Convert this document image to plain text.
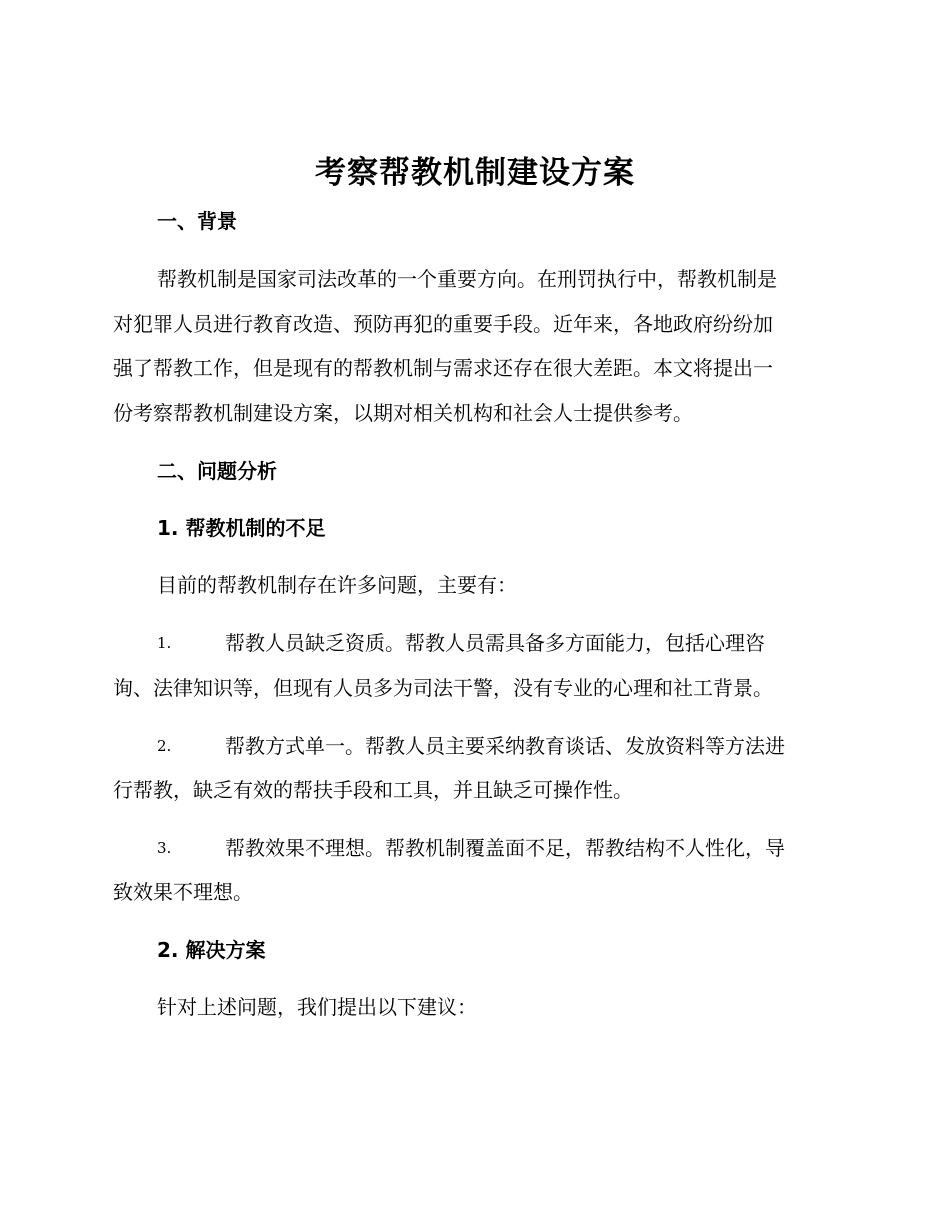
考察帮教机制建设方案
一、背景
帮教机制是国家司法改革的一个重要方向。在刑罚执行中，帮教机制是
对犯罪人员进行教育改造、预防再犯的重要手段。近年来，各地政府纷纷加
强了帮教工作，但是现有的帮教机制与需求还存在很大差距。本文将提出一
份考察帮教机制建设方案，以期对相关机构和社会人士提供参考。
二、问题分析
1. 帮教机制的不足
目前的帮教机制存在许多问题，主要有：
1.	帮教人员缺乏资质。帮教人员需具备多方面能力，包括心理咨
询、法律知识等，但现有人员多为司法干警，没有专业的心理和社工背景。
2.	帮教方式单一。帮教人员主要采纳教育谈话、发放资料等方法进
行帮教，缺乏有效的帮扶手段和工具，并且缺乏可操作性。
3.	帮教效果不理想。帮教机制覆盖面不足，帮教结构不人性化，导
致效果不理想。
2. 解决方案
针对上述问题，我们提出以下建议：
